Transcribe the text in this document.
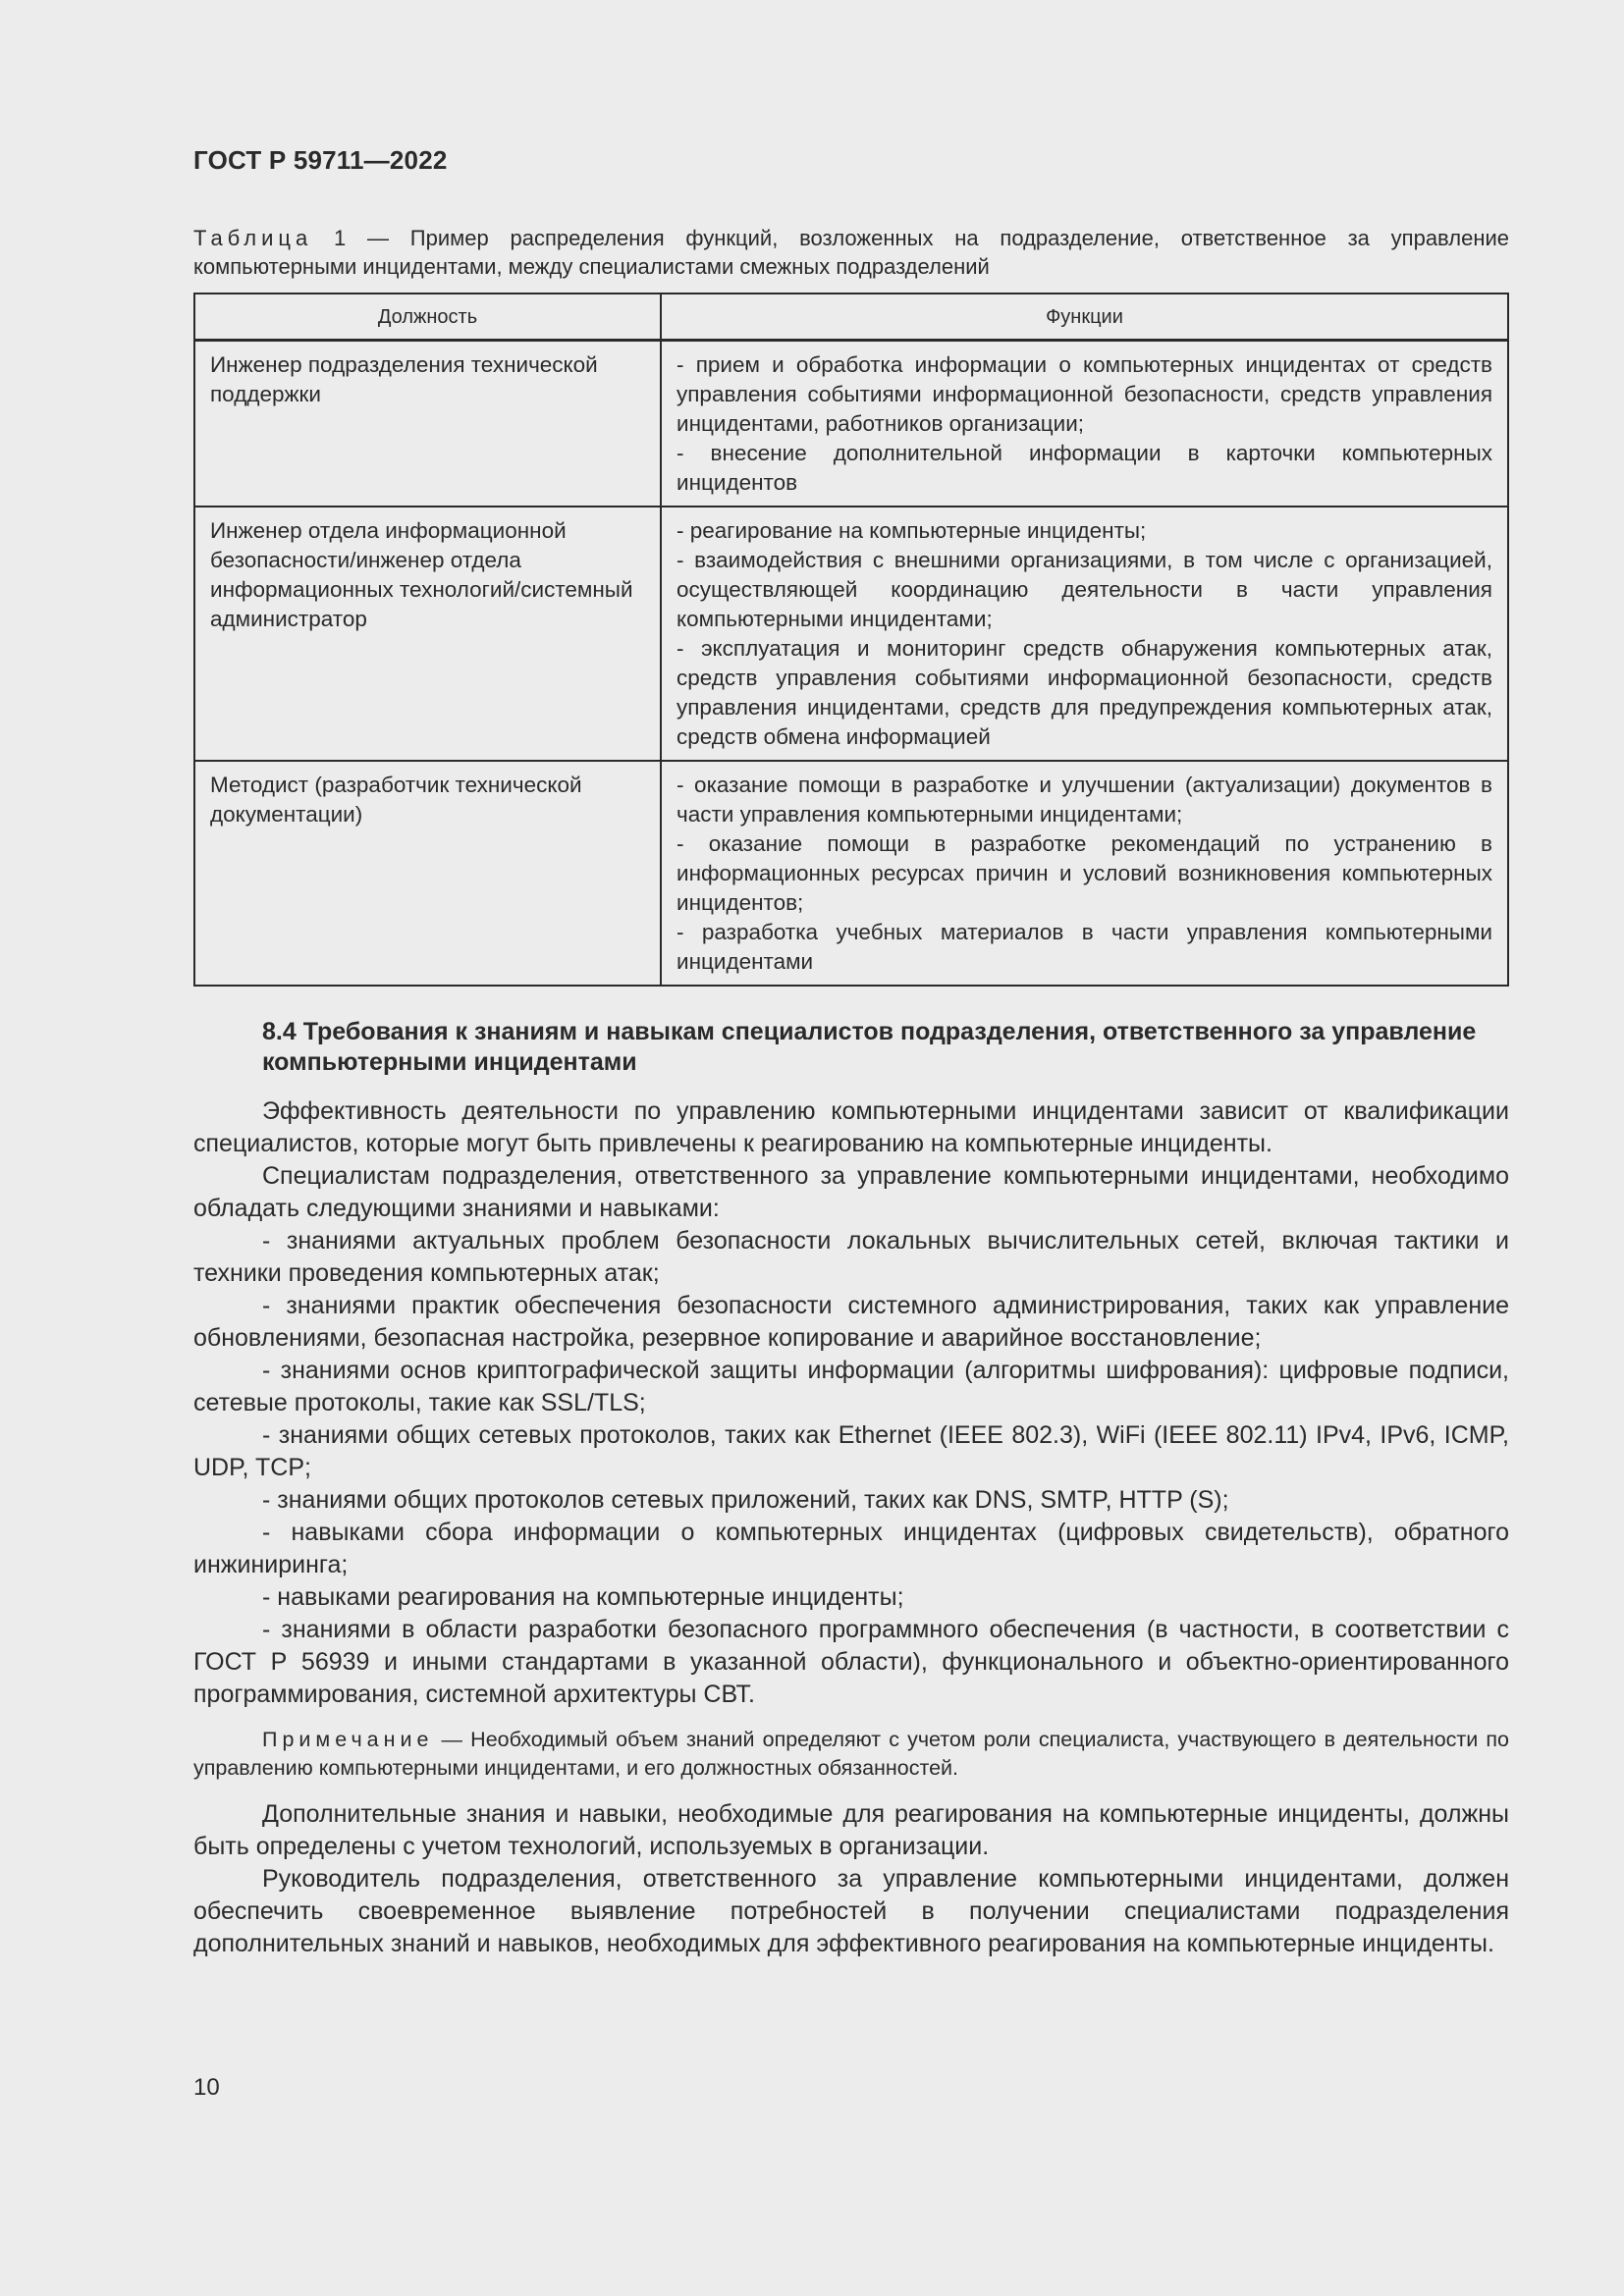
ГОСТ Р 59711—2022

Таблица 1 — Пример распределения функций, возложенных на подразделение, ответственное за управление компьютерными инцидентами, между специалистами смежных подразделений

Должность	Функции
Инженер подразделения технической поддержки	- прием и обработка информации о компьютерных инцидентах от средств управления событиями информационной безопасности, средств управления инцидентами, работников организации;
- внесение дополнительной информации в карточки компьютерных инцидентов

Инженер отдела информационной безопасности/инженер отдела информационных технологий/системный администратор	- реагирование на компьютерные инциденты;
- взаимодействия с внешними организациями, в том числе с организацией, осуществляющей координацию деятельности в части управления компьютерными инцидентами;
- эксплуатация и мониторинг средств обнаружения компьютерных атак, средств управления событиями информационной безопасности, средств управления инцидентами, средств для предупреждения компьютерных атак, средств обмена информацией

Методист (разработчик технической документации)	- оказание помощи в разработке и улучшении (актуализации) документов в части управления компьютерными инцидентами;
- оказание помощи в разработке рекомендаций по устранению в информационных ресурсах причин и условий возникновения компьютерных инцидентов;
- разработка учебных материалов в части управления компьютерными инцидентами
8.4 Требования к знаниям и навыкам специалистов подразделения, ответственного за управление компьютерными инцидентами

Эффективность деятельности по управлению компьютерными инцидентами зависит от квалификации специалистов, которые могут быть привлечены к реагированию на компьютерные инциденты.

Специалистам подразделения, ответственного за управление компьютерными инцидентами, необходимо обладать следующими знаниями и навыками:

- знаниями актуальных проблем безопасности локальных вычислительных сетей, включая тактики и техники проведения компьютерных атак;

- знаниями практик обеспечения безопасности системного администрирования, таких как управление обновлениями, безопасная настройка, резервное копирование и аварийное восстановление;

- знаниями основ криптографической защиты информации (алгоритмы шифрования): цифровые подписи, сетевые протоколы, такие как SSL/TLS;

- знаниями общих сетевых протоколов, таких как Ethernet (IEEE 802.3), WiFi (IEEE 802.11) IPv4, IPv6, ICMP, UDP, TCP;

- знаниями общих протоколов сетевых приложений, таких как DNS, SMTP, HTTP (S);

- навыками сбора информации о компьютерных инцидентах (цифровых свидетельств), обратного инжиниринга;

- навыками реагирования на компьютерные инциденты;

- знаниями в области разработки безопасного программного обеспечения (в частности, в соответствии с ГОСТ Р 56939 и иными стандартами в указанной области), функционального и объектно-ориентированного программирования, системной архитектуры СВТ.

Примечание — Необходимый объем знаний определяют с учетом роли специалиста, участвующего в деятельности по управлению компьютерными инцидентами, и его должностных обязанностей.

Дополнительные знания и навыки, необходимые для реагирования на компьютерные инциденты, должны быть определены с учетом технологий, используемых в организации.

Руководитель подразделения, ответственного за управление компьютерными инцидентами, должен обеспечить своевременное выявление потребностей в получении специалистами подразделения дополнительных знаний и навыков, необходимых для эффективного реагирования на компьютерные инциденты.

10
